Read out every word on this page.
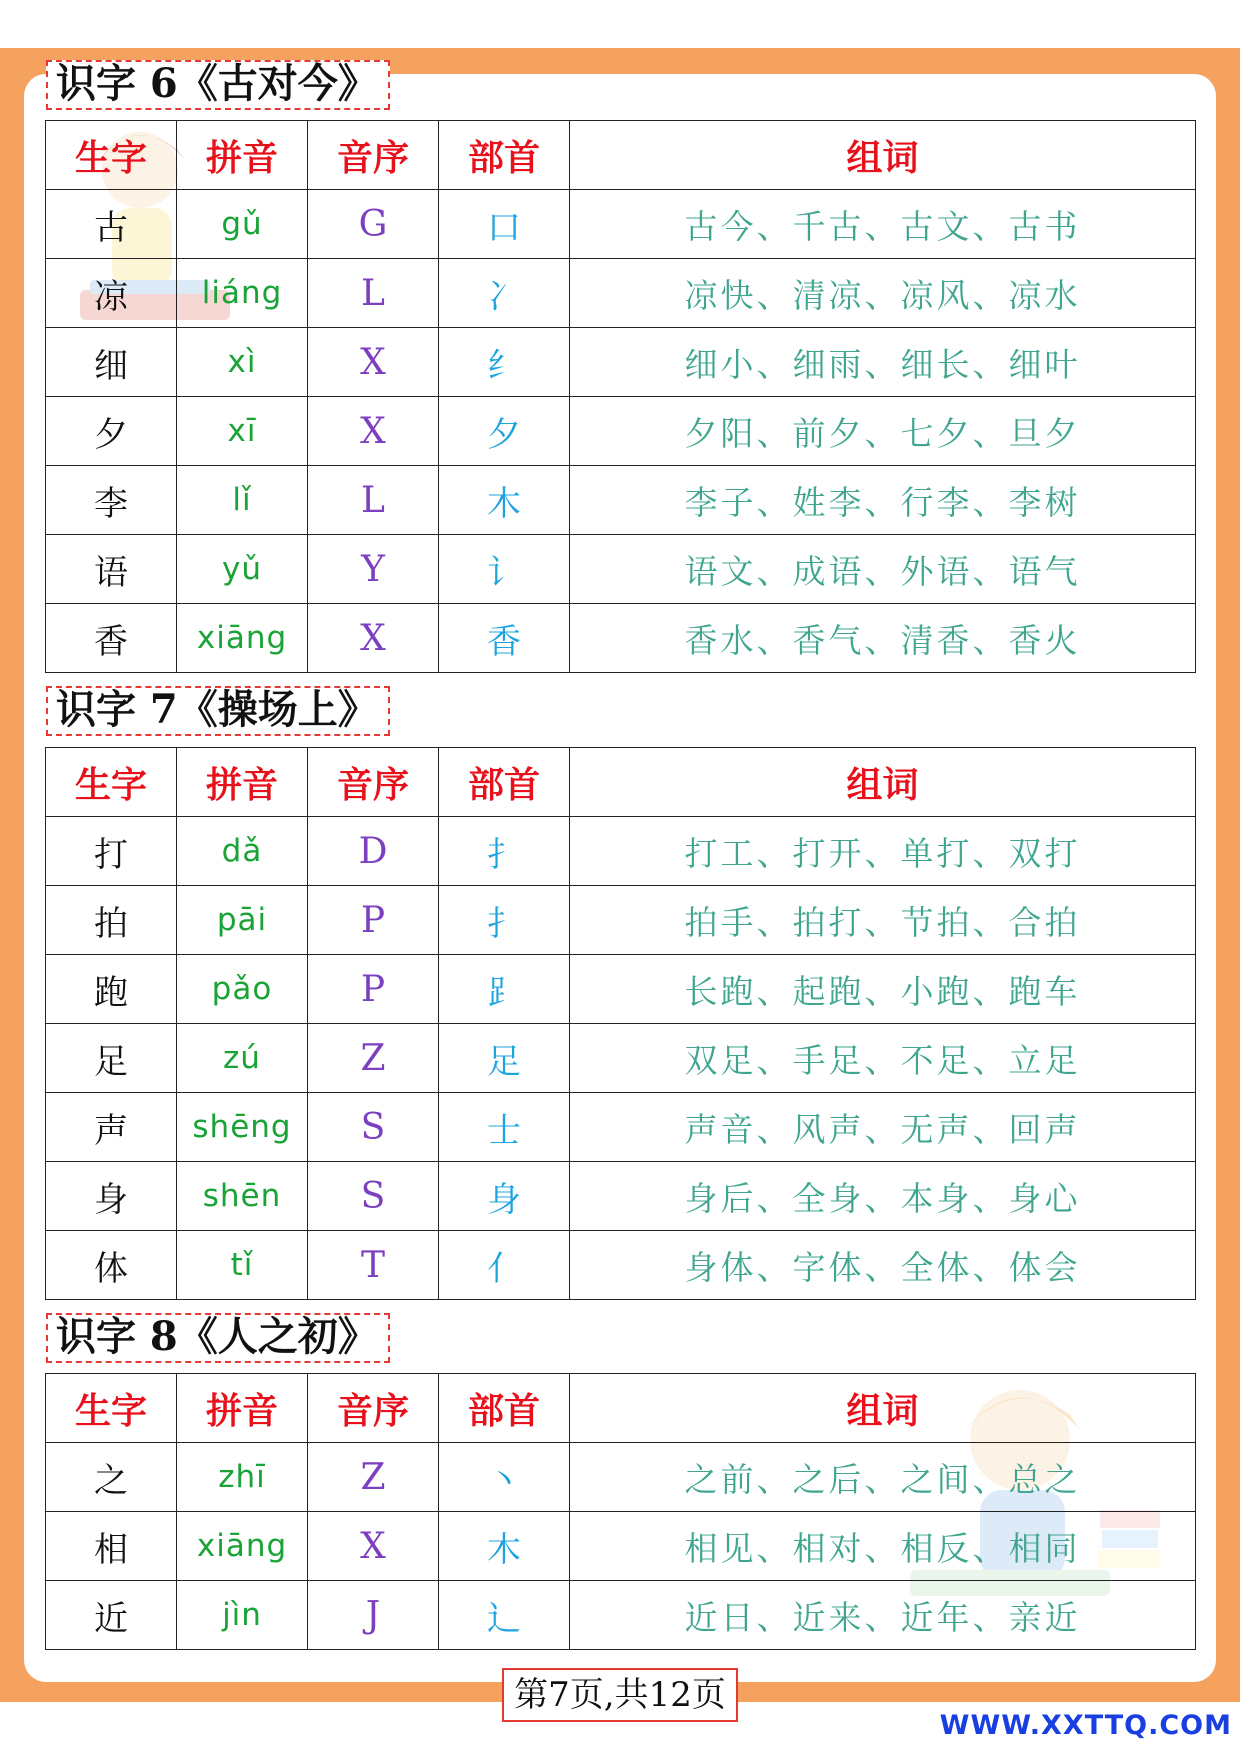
识字 6《古对今》
生字	拼音	音序	部首	组词
古	gǔ	G	口	古今、千古、古文、古书
凉	liáng	L	冫	凉快、清凉、凉风、凉水
细	xì	X	纟	细小、细雨、细长、细叶
夕	xī	X	夕	夕阳、前夕、七夕、旦夕
李	lǐ	L	木	李子、姓李、行李、李树
语	yǔ	Y	讠	语文、成语、外语、语气
香	xiāng	X	香	香水、香气、清香、香火
识字 7《操场上》
生字	拼音	音序	部首	组词
打	dǎ	D	扌	打工、打开、单打、双打
拍	pāi	P	扌	拍手、拍打、节拍、合拍
跑	pǎo	P	⻊	长跑、起跑、小跑、跑车
足	zú	Z	足	双足、手足、不足、立足
声	shēng	S	士	声音、风声、无声、回声
身	shēn	S	身	身后、全身、本身、身心
体	tǐ	T	亻	身体、字体、全体、体会
识字 8《人之初》
生字	拼音	音序	部首	组词
之	zhī	Z	丶	之前、之后、之间、总之
相	xiāng	X	木	相见、相对、相反、相同
近	jìn	J	辶	近日、近来、近年、亲近
第7页,共12页
WWW.XXTTQ.COM
